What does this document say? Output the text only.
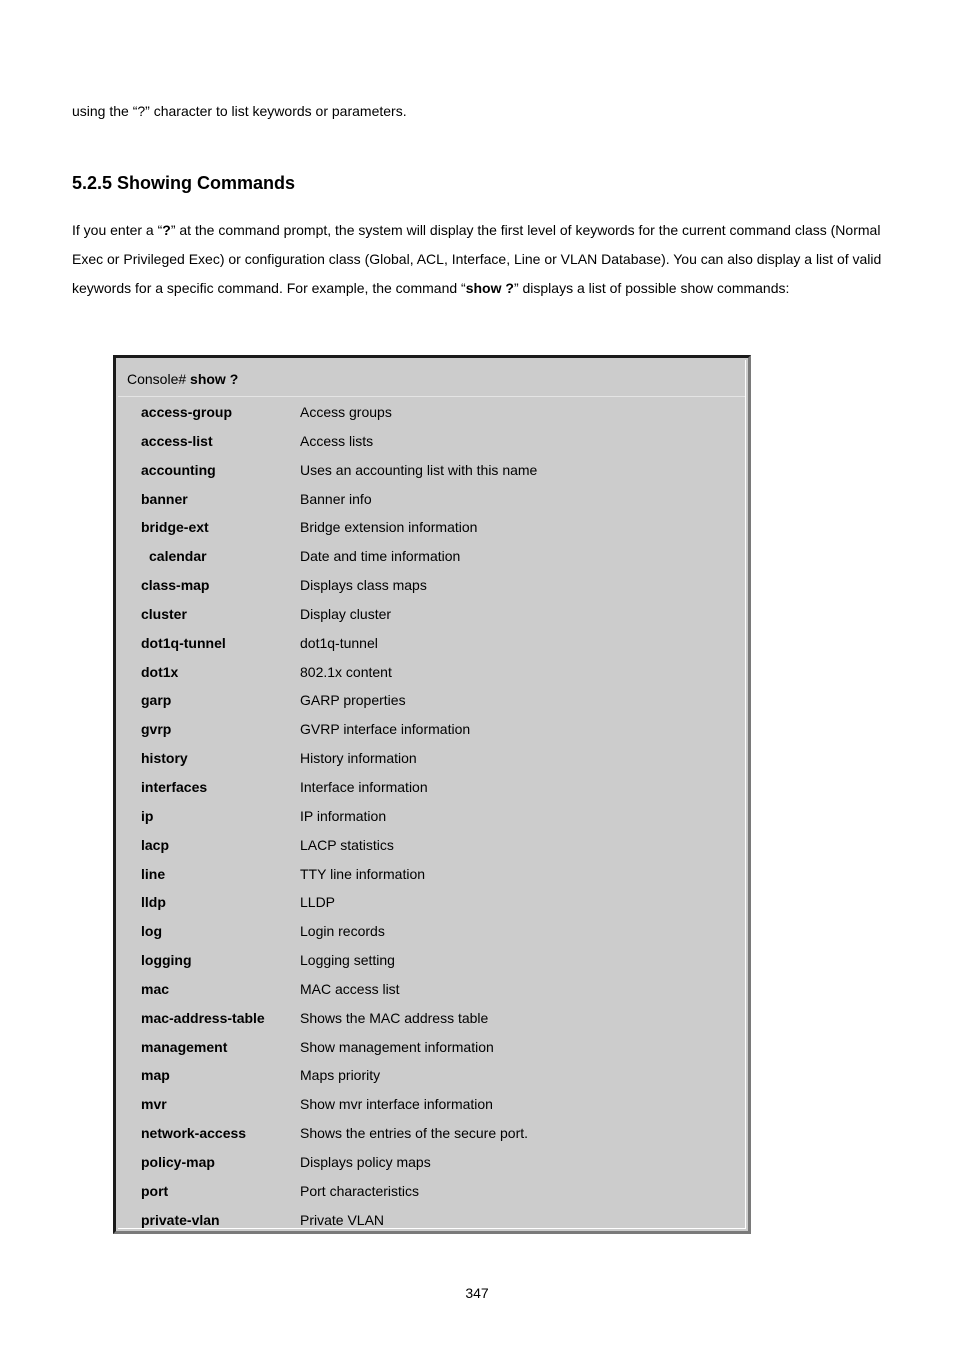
using the “?” character to list keywords or parameters.

5.2.5 Showing Commands

If you enter a “?” at the command prompt, the system will display the first level of keywords for the current command class (Normal Exec or Privileged Exec) or configuration class (Global, ACL, Interface, Line or VLAN Database). You can also display a list of valid keywords for a specific command. For example, the command “show ?” displays a list of possible show commands:

Console# show ?

access-group	Access groups
access-list	Access lists
accounting	Uses an accounting list with this name
banner	Banner info
bridge-ext	Bridge extension information
calendar	Date and time information
class-map	Displays class maps
cluster	Display cluster
dot1q-tunnel	dot1q-tunnel
dot1x	802.1x content
garp	GARP properties
gvrp	GVRP interface information
history	History information
interfaces	Interface information
ip	IP information
lacp	LACP statistics
line	TTY line information
lldp	LLDP
log	Login records
logging	Logging setting
mac	MAC access list
mac-address-table	Shows the MAC address table
management	Show management information
map	Maps priority
mvr	Show mvr interface information
network-access	Shows the entries of the secure port.
policy-map	Displays policy maps
port	Port characteristics
private-vlan	Private VLAN

347
